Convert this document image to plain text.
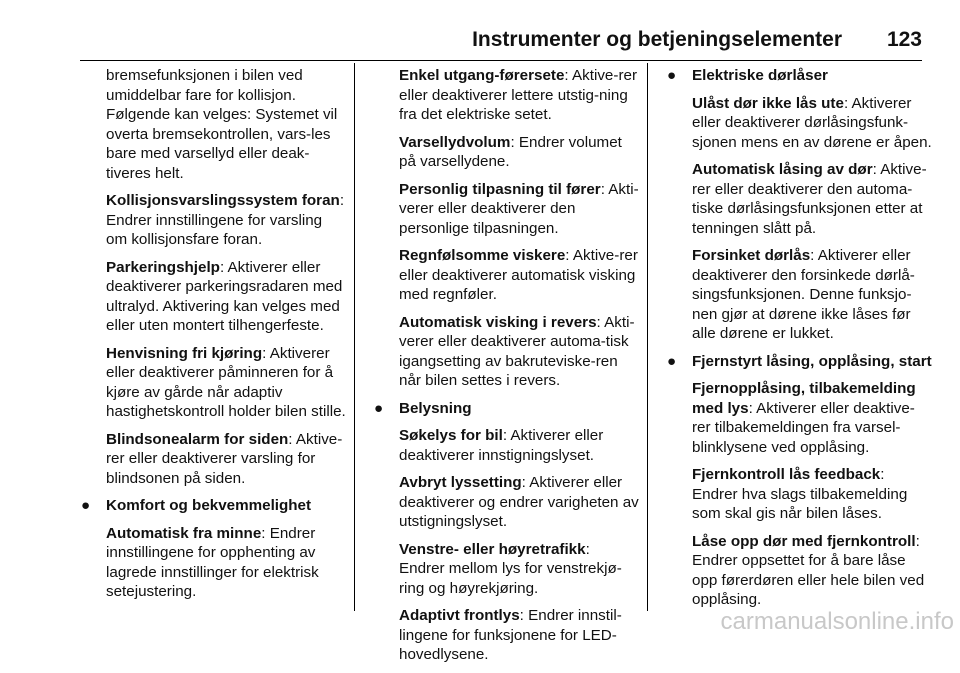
Instrumenter og betjeningselementer 123

bremsefunksjonen i bilen ved umiddelbar fare for kollisjon. Følgende kan velges: Systemet vil overta bremsekontrollen, vars-les bare med varsellyd eller deak-tiveres helt.

Kollisjonsvarslingssystem foran: Endrer innstillingene for varsling om kollisjonsfare foran.

Parkeringshjelp: Aktiverer eller deaktiverer parkeringsradaren med ultralyd. Aktivering kan velges med eller uten montert tilhengerfeste.

Henvisning fri kjøring: Aktiverer eller deaktiverer påminneren for å kjøre av gårde når adaptiv hastighetskontroll holder bilen stille.

Blindsonealarm for siden: Aktive-rer eller deaktiverer varsling for blindsonen på siden.

● Komfort og bekvemmelighet

Automatisk fra minne: Endrer innstillingene for opphenting av lagrede innstillinger for elektrisk setejustering.

Enkel utgang-førersete: Aktive-rer eller deaktiverer lettere utstig-ning fra det elektriske setet.

Varsellydvolum: Endrer volumet på varsellydene.

Personlig tilpasning til fører: Akti-verer eller deaktiverer den personlige tilpasningen.

Regnfølsomme viskere: Aktive-rer eller deaktiverer automatisk visking med regnføler.

Automatisk visking i revers: Akti-verer eller deaktiverer automa-tisk igangsetting av bakruteviske-ren når bilen settes i revers.

● Belysning

Søkelys for bil: Aktiverer eller deaktiverer innstigningslyset.

Avbryt lyssetting: Aktiverer eller deaktiverer og endrer varigheten av utstigningslyset.

Venstre- eller høyretrafikk: Endrer mellom lys for venstrekjø-ring og høyrekjøring.

Adaptivt frontlys: Endrer innstil-lingene for funksjonene for LED-hovedlysene.

● Elektriske dørlåser

Ulåst dør ikke lås ute: Aktiverer eller deaktiverer dørlåsingsfunk-sjonen mens en av dørene er åpen.

Automatisk låsing av dør: Aktive-rer eller deaktiverer den automa-tiske dørlåsingsfunksjonen etter at tenningen slått på.

Forsinket dørlås: Aktiverer eller deaktiverer den forsinkede dørlå-singsfunksjonen. Denne funksjo-nen gjør at dørene ikke låses før alle dørene er lukket.

● Fjernstyrt låsing, opplåsing, start

Fjernopplåsing, tilbakemelding med lys: Aktiverer eller deaktive-rer tilbakemeldingen fra varsel-blinklysene ved opplåsing.

Fjernkontroll lås feedback: Endrer hva slags tilbakemelding som skal gis når bilen låses.

Låse opp dør med fjernkontroll: Endrer oppsettet for å bare låse opp førerdøren eller hele bilen ved opplåsing.

carmanualsonline.info
